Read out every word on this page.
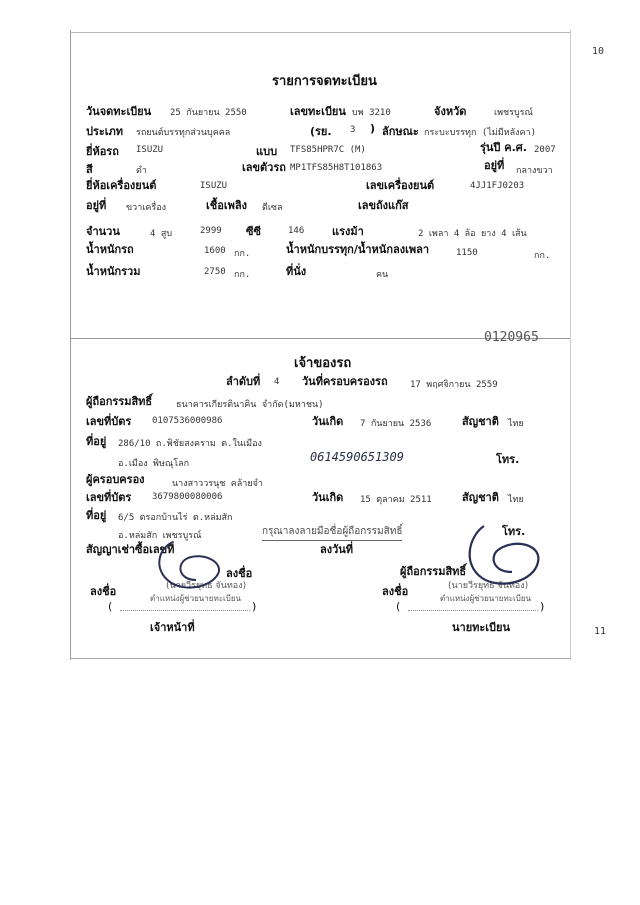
10
11
รายการจดทะเบียน
วันจดทะเบียน 25 กันยายน 2550	เลขทะเบียน บพ 3210	จังหวัด	เพชรบูรณ์
ประเภท รถยนต์บรรทุกส่วนบุคคล	(รย. 3 ) ลักษณะ กระบะบรรทุก (ไม่มีหลังคา)
ยี่ห้อรถ ISUZU	แบบ TFS85HPR7C (M)	รุ่นปี ค.ศ. 2007
สี	ดำ	เลขตัวรถ MP1TFS85H8T101863	อยู่ที่ กลางขวา
ยี่ห้อเครื่องยนต์	ISUZU	เลขเครื่องยนต์	4JJ1FJ0203
อยู่ที่ ขวาเครื่อง	เชื้อเพลิง ดีเซล	เลขถังแก๊ส
จำนวน	4 สูบ	2999 ซีซี	146	แรงม้า	2 เพลา 4 ล้อ ยาง 4 เส้น
น้ำหนักรถ	1600 กก.	น้ำหนักบรรทุก/น้ำหนักลงเพลา	1150	กก.
น้ำหนักรวม	2750 กก.	ที่นั่ง	คน
0120965
เจ้าของรถ
ลำดับที่ 4 วันที่ครอบครองรถ 17 พฤศจิกายน 2559
ผู้ถือกรรมสิทธิ์	ธนาคารเกียรตินาคิน จำกัด(มหาชน)
เลขที่บัตร 0107536000986	วันเกิด 7 กันยายน 2536	สัญชาติ ไทย
ที่อยู่ 286/10 ถ.พิชัยสงคราม ต.ในเมือง
อ.เมือง พิษณุโลก	0614590651309	โทร.
ผู้ครอบครอง	นางสาววรนุช คล้ายจำ
เลขที่บัตร 3679800080006	วันเกิด 15 ตุลาคม 2511	สัญชาติ ไทย
ที่อยู่ 6/5 ตรอกบ้านไร่ ต.หล่มสัก
อ.หล่มสัก เพชรบูรณ์	กรุณาลงลายมือชื่อผู้ถือกรรมสิทธิ์	โทร.
สัญญาเช่าซื้อเลขที่	ลงวันที่
ลงชื่อ	ผู้ถือกรรมสิทธิ์
ลงชื่อ	(นายวีรยุทธ จันทอง)
ตำแหน่งผู้ช่วยนายทะเบียน
ลงชื่อ	(นายวีรยุทธ จันทอง)
ตำแหน่งผู้ช่วยนายทะเบียน
(	)	(	)
เจ้าหน้าที่	นายทะเบียน
